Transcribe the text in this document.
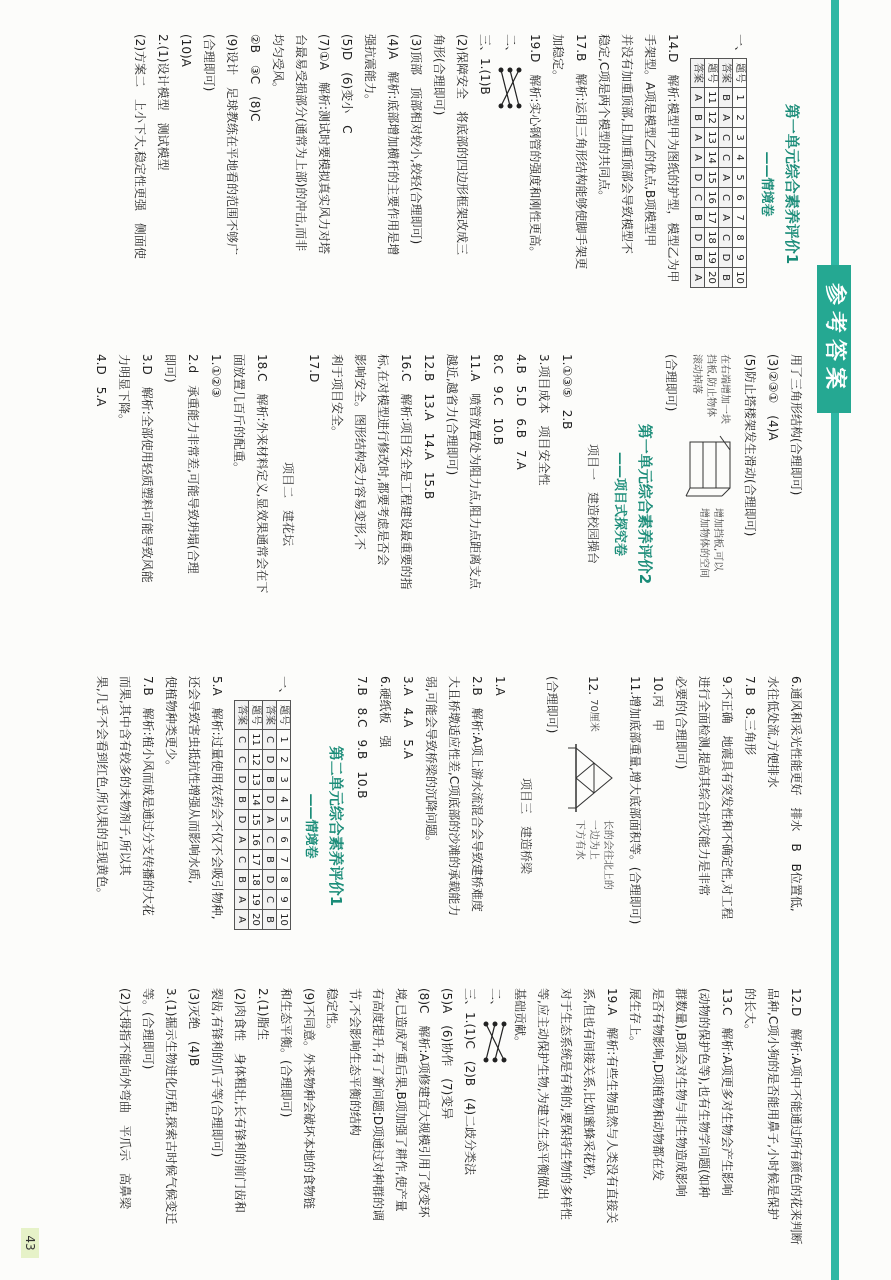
参考答案

第一单元综合素养评价1

——情境卷

一、
题号	1	2	3	4	5	6	7	8	9	10
答案	B	A	C	C	A	C	A	C	D	B
题号	11	12	13	14	15	16	17	18	19	20
答案	A	B	A	A	D	C	B	D	B	A

14.D　解析:模型甲为图纸的护型，模型乙为甲

手架型。A项是模型乙的优点,B项模型甲

并没有加重顶部,且加重顶部会导致模型不

稳定,C项是两个模型的共同点。

17.B　解析:运用三角形结构能够使脚手架更

加稳定。

19.D　解析:实心钢管的强度和刚性更高。

二、

三、1.(1)B

(2)保障安全　将底部的四边形框架改成三

角形(合理即可)

(3)顶部　顶部相对较小,较轻(合理即可)

(4)A　解析:底部增加横杆的主要作用是增

强抗震能力。

(5)D　(6)变小　C

(7)①A　解析:测试时要模拟真实风力对塔

台最易受损部分(通常为上部)的冲击,而非

均匀受风。

②B　③C　(8)C

(9)设计　足球教练在平地看的范围不够广

(合理即可)

(10)A

2.(1)设计模型　测试模型

(2)方案二　上小下大,稳定性更强　侧面使

用了三角形结构(合理即可)

(3)②③①　(4)A

(5)防止塔楼架发生滑动(合理即可)

在右端增加一块
挡板,防止物体
滚动掉落
增加挡板,可以
增加物体的空间

(合理即可)

第一单元综合素养评价2

——项目式探究卷

项目一　建造校园操台

1.①③⑤　2.B

3.项目成本　项目安全性

4.B　5.D　6.B　7.A

8.C　9.C　10.B

11.A　喷管放置处为阻力点,阻力点距离支点

越近,越省力(合理即可)

12.B　13.A　14.A　15.B

16.C　解析:项目安全是工程建设最重要的指

标,在对模型进行修改时,都要考虑是否会

影响安全。图形结构受力容易变形,不

利于项目安全。

17.D

项目二　建花坛

18.C　解析:外来材料定义,显效果通常会在下

面放置几百斤的配重。

1.①②③

2.d　承重能力非常差,可能导致坍塌(合理

即可)

3.D　解析:全部使用轻质塑料可能导致风能

力明显下降。

4.D　5.A

6.通风和采光性能更好　排水　B　B位置低,

水往低处流,方便排水

7.B　8.三角形

9.不正确　地震具有突发性和不确定性,对工程

进行全面检测,提高其综合抗灾能力是非常

必要的(合理即可)

10.丙　甲

11.增加底部重量,增大底部面积等。(合理即可)

12.
70厘米
长的会往北上的
一边为上
下方有水

(合理即可)

项目三　建造桥梁

1.A

2.B　解析:A项上游水流混合会导致建桥难度

大且桥墩适应性差,C项底部的沙滩的承载能力

弱,可能会导致桥梁的沉降问题。

3.A　4.A　5.A

6.硬纸板　强

7.B　8.C　9.B　10.B

第二单元综合素养评价1

——情境卷

一、
题号	1	2	3	4	5	6	7	8	9	10
答案	C	D	B	D	A	C	B	D	C	B
题号	11	12	13	14	15	16	17	18	19	20
答案	C	C	D	B	D	A	C	B	A	A

5.A　解析:过量使用农药会不仅不会吸引物种,

还会导致害虫抵抗性增强从而影响水质,

使植物种类更少。

7.B　解析:植小风而成是通过分支传播的大花

而果,其中含有较多的未物剂子,所以其

果,几乎不会看到红色,所以果的呈现黄色。

12.D　解析:A项中不能通过所有颜色的花来判断

品种,C项小狗的是否能用鼻子,小时候是保护

的长大。

13.C　解析:A项更多对生物会产生影响

(动物的保护色等),也有生物学问题(如种

群数量),B项会对生物与非生物造成影响

是否有物影响,D项植物和动物都在发

展生存上。

19.A　解析:有些生物虽然与人类没有直接关

系,但也有间接关系,比如蜜蜂采花粉,

对于生态系统是有利的,要保持生物的多样性

等,应主动保护生物,为建立生态平衡做出

基础贡献。

二、

三、1.(1)C　(2)B　(4)二歧分类法

(5)A　(6)协作　(7)变异

(8)C　解析:A项修建宜大规模引用了改变环

境,已造成严重后果,B项加强了耕作,使产量

有高度提升,有了新问题;D项通过对种群的调

节,不会影响生态平衡的结构

稳定性。

(9)不同意。外来物种会破坏本地的食物链

和生态平衡。(合理即可)

2.(1)脂生

(2)肉食性　身体粗壮,长有锋利的前门齿和

裂齿,有锋利的爪子等(合理即可)

(3)灭绝　(4)B

3.(1)掘示生物进化历程,探索古时候气候变迁

等。(合理即可)

(2)大拇指不能向外弯曲　平爪示　高鼻梁

43
